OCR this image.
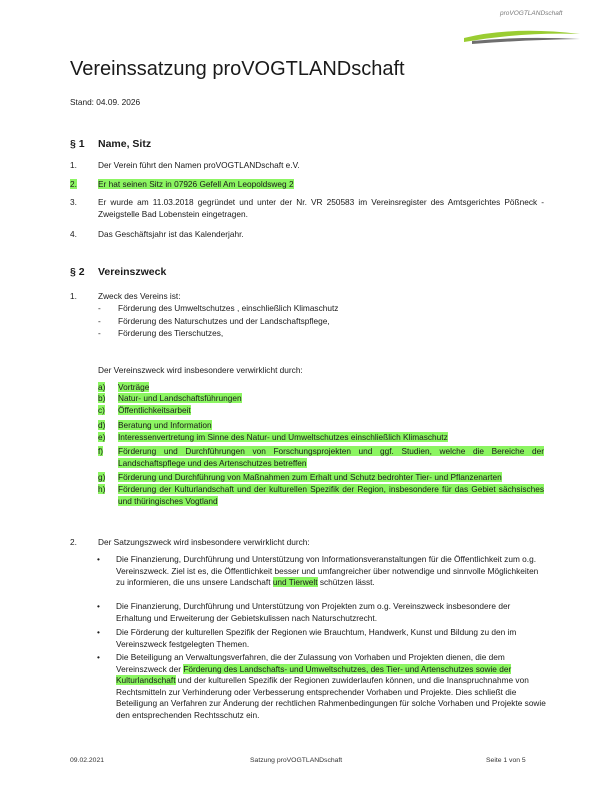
proVOGTLANDschaft
Vereinssatzung proVOGTLANDschaft
Stand: 04.09. 2026
§ 1 Name, Sitz
1.	Der Verein führt den Namen proVOGTLANDschaft e.V.
2.	Er hat seinen Sitz in 07926 Gefell Am Leopoldsweg 2
3.	Er wurde am 11.03.2018 gegründet und unter der Nr. VR 250583 im Vereinsregister des Amtsgerichtes Pößneck - Zweigstelle Bad Lobenstein eingetragen.
4.	Das Geschäftsjahr ist das Kalenderjahr.
§ 2 Vereinszweck
1.	Zweck des Vereins ist:
- Förderung des Umweltschutzes , einschließlich Klimaschutz
- Förderung des Naturschutzes und der Landschaftspflege,
- Förderung des Tierschutzes,
Der Vereinszweck wird insbesondere verwirklicht durch:
a) Vorträge
b) Natur- und Landschaftsführungen
c) Öffentlichkeitsarbeit
d) Beratung und Information
e) Interessenvertretung im Sinne des Natur- und Umweltschutzes einschließlich Klimaschutz
f) Förderung und Durchführungen von Forschungsprojekten und ggf. Studien, welche die Bereiche der Landschaftspflege und des Artenschutzes betreffen
g) Förderung und Durchführung von Maßnahmen zum Erhalt und Schutz bedrohter Tier- und Pflanzenarten
h) Förderung der Kulturlandschaft und der kulturellen Spezifik der Region, insbesondere für das Gebiet sächsisches und thüringisches Vogtland
2.	Der Satzungszweck wird insbesondere verwirklicht durch:
• Die Finanzierung, Durchführung und Unterstützung von Informationsveranstaltungen für die Öffentlichkeit zum o.g. Vereinszweck. Ziel ist es, die Öffentlichkeit besser und umfangreicher über notwendige und sinnvolle Möglichkeiten zu informieren, die uns unsere Landschaft und Tierwelt schützen lässt.
• Die Finanzierung, Durchführung und Unterstützung von Projekten zum o.g. Vereinszweck insbesondere der Erhaltung und Erweiterung der Gebietskulissen nach Naturschutzrecht.
• Die Förderung der kulturellen Spezifik der Regionen wie Brauchtum, Handwerk, Kunst und Bildung zu den im Vereinszweck festgelegten Themen.
• Die Beteiligung an Verwaltungsverfahren, die der Zulassung von Vorhaben und Projekten dienen, die dem Vereinszweck der Förderung des Landschafts- und Umweltschutzes, des Tier- und Artenschutzes sowie der Kulturlandschaft und der kulturellen Spezifik der Regionen zuwiderlaufen können, und die Inanspruchnahme von Rechtsmitteln zur Verhinderung oder Verbesserung entsprechender Vorhaben und Projekte. Dies schließt die Beteiligung an Verfahren zur Änderung der rechtlichen Rahmenbedingungen für solche Vorhaben und Projekte sowie den entsprechenden Rechtsschutz ein.
09.02.2021	Satzung proVOGTLANDschaft	Seite 1 von 5
